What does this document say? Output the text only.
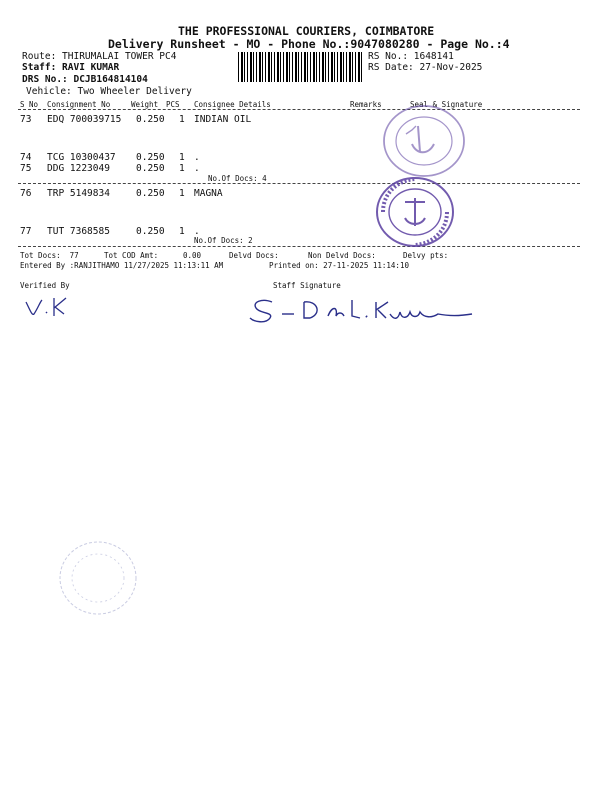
THE PROFESSIONAL COURIERS, COIMBATORE
Delivery Runsheet - MO - Phone No.:9047080280 - Page No.:4
Route: THIRUMALAI TOWER PC4
Staff: RAVI KUMAR
DRS No.: DCJB164814104
Vehicle: Two Wheeler Delivery
RS No.: 1648141
RS Date: 27-Nov-2025
S No Consignment No	Weight PCS Consignee Details	Remarks	Seal & Signature
73 EDQ 700039715 0.250 1 INDIAN OIL
74 TCG 10300437 0.250 1 .
75 DDG 1223049	0.250 1 .
No.Of Docs: 4
76 TRP 5149834	0.250 1 MAGNA
77 TUT 7368585	0.250 1 .
No.Of Docs: 2
Tot Docs:  77	Tot COD Amt:	0.00	Delvd Docs:	Non Delvd Docs:	Delvy pts:
Entered By :RANJITHAMO 11/27/2025 11:13:11 AM	Printed on: 27-11-2025 11:14:10
Verified By	Staff Signature
